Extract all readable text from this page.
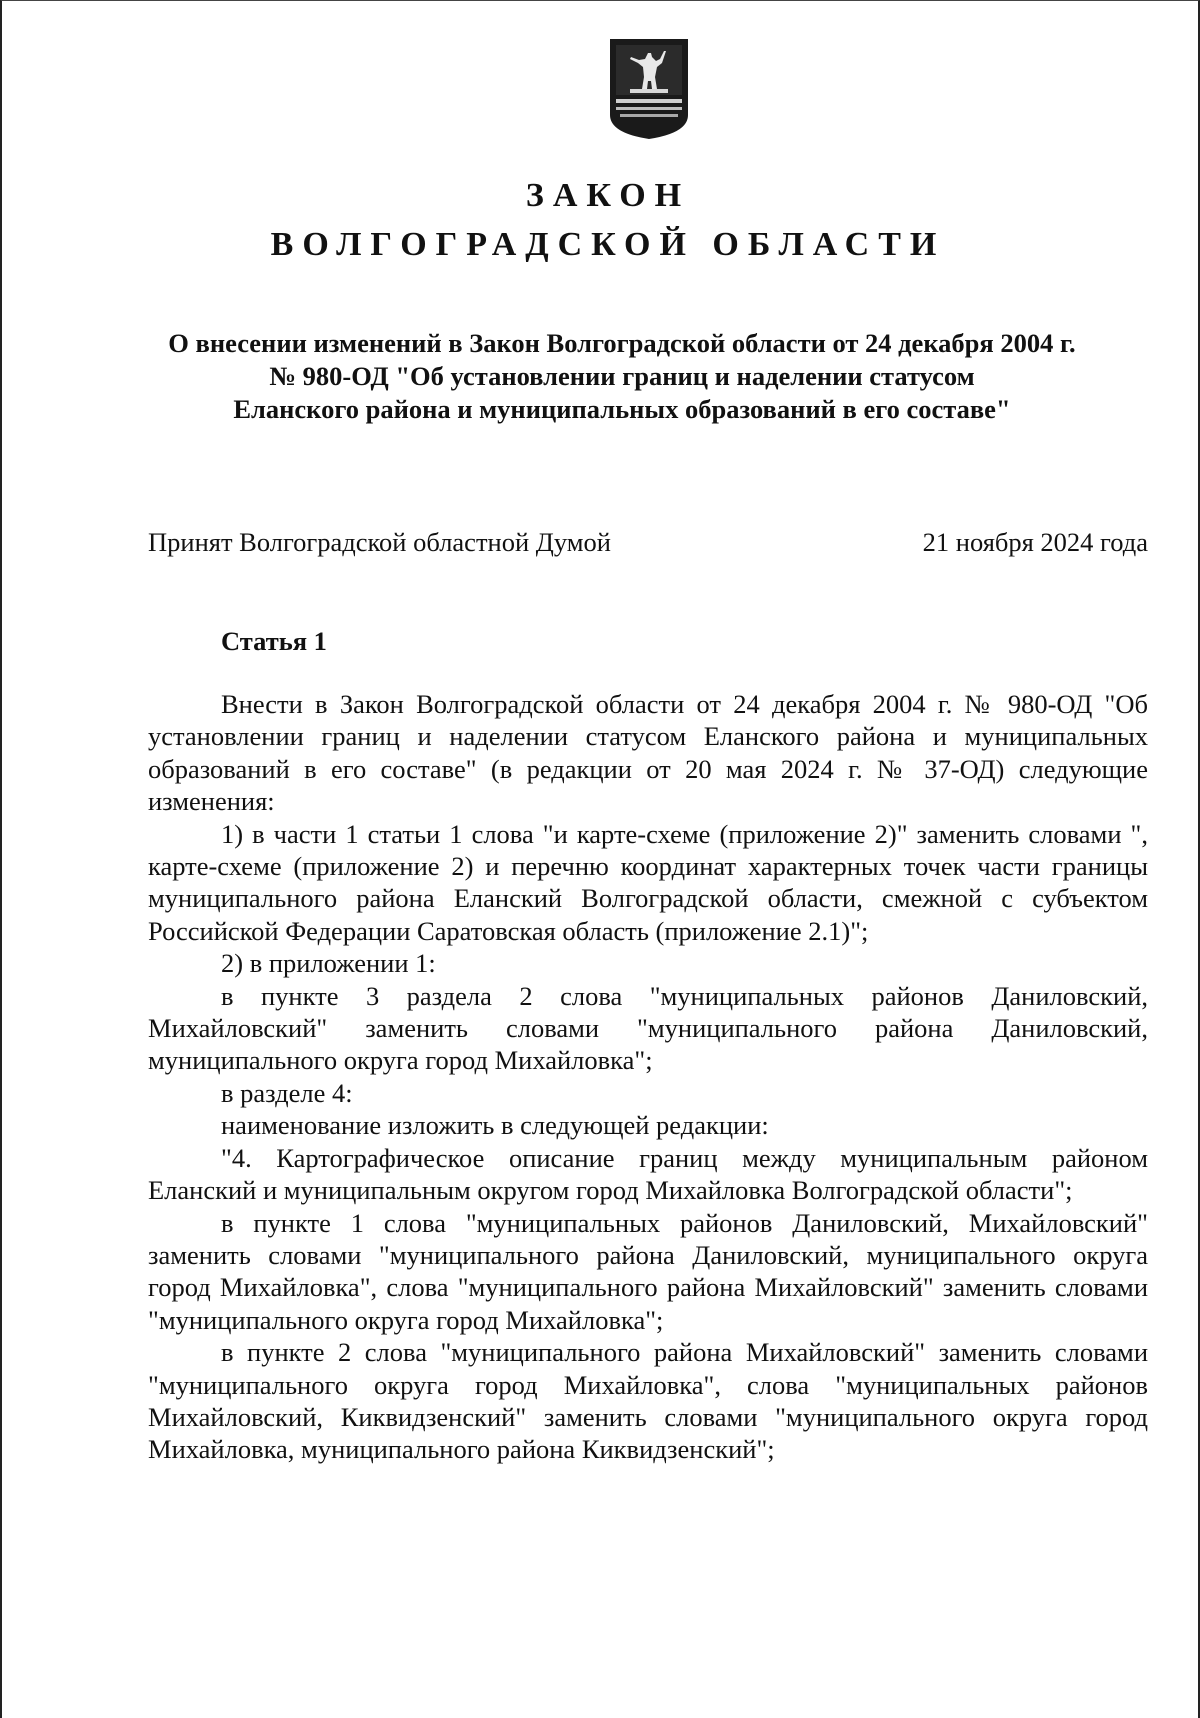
ЗАКОН
ВОЛГОГРАДСКОЙ ОБЛАСТИ
О внесении изменений в Закон Волгоградской области от 24 декабря 2004 г.
№ 980-ОД "Об установлении границ и наделении статусом
Еланского района и муниципальных образований в его составе"
Принят Волгоградской областной Думой	21 ноября 2024 года
Статья 1

Внести в Закон Волгоградской области от 24 декабря 2004 г. № 980-ОД "Об установлении границ и наделении статусом Еланского района и муниципальных образований в его составе" (в редакции от 20 мая 2024 г. № 37-ОД) следующие изменения:

1) в части 1 статьи 1 слова "и карте-схеме (приложение 2)" заменить словами ", карте-схеме (приложение 2) и перечню координат характерных точек части границы муниципального района Еланский Волгоградской области, смежной с субъектом Российской Федерации Саратовская область (приложение 2.1)";

2) в приложении 1:

в пункте 3 раздела 2 слова "муниципальных районов Даниловский, Михайловский" заменить словами "муниципального района Даниловский, муниципального округа город Михайловка";

в разделе 4:

наименование изложить в следующей редакции:

"4. Картографическое описание границ между муниципальным районом Еланский и муниципальным округом город Михайловка Волгоградской области";

в пункте 1 слова "муниципальных районов Даниловский, Михайловский" заменить словами "муниципального района Даниловский, муниципального округа город Михайловка", слова "муниципального района Михайловский" заменить словами "муниципального округа город Михайловка";

в пункте 2 слова "муниципального района Михайловский" заменить словами "муниципального округа город Михайловка", слова "муниципальных районов Михайловский, Киквидзенский" заменить словами "муниципального округа город Михайловка, муниципального района Киквидзенский";
